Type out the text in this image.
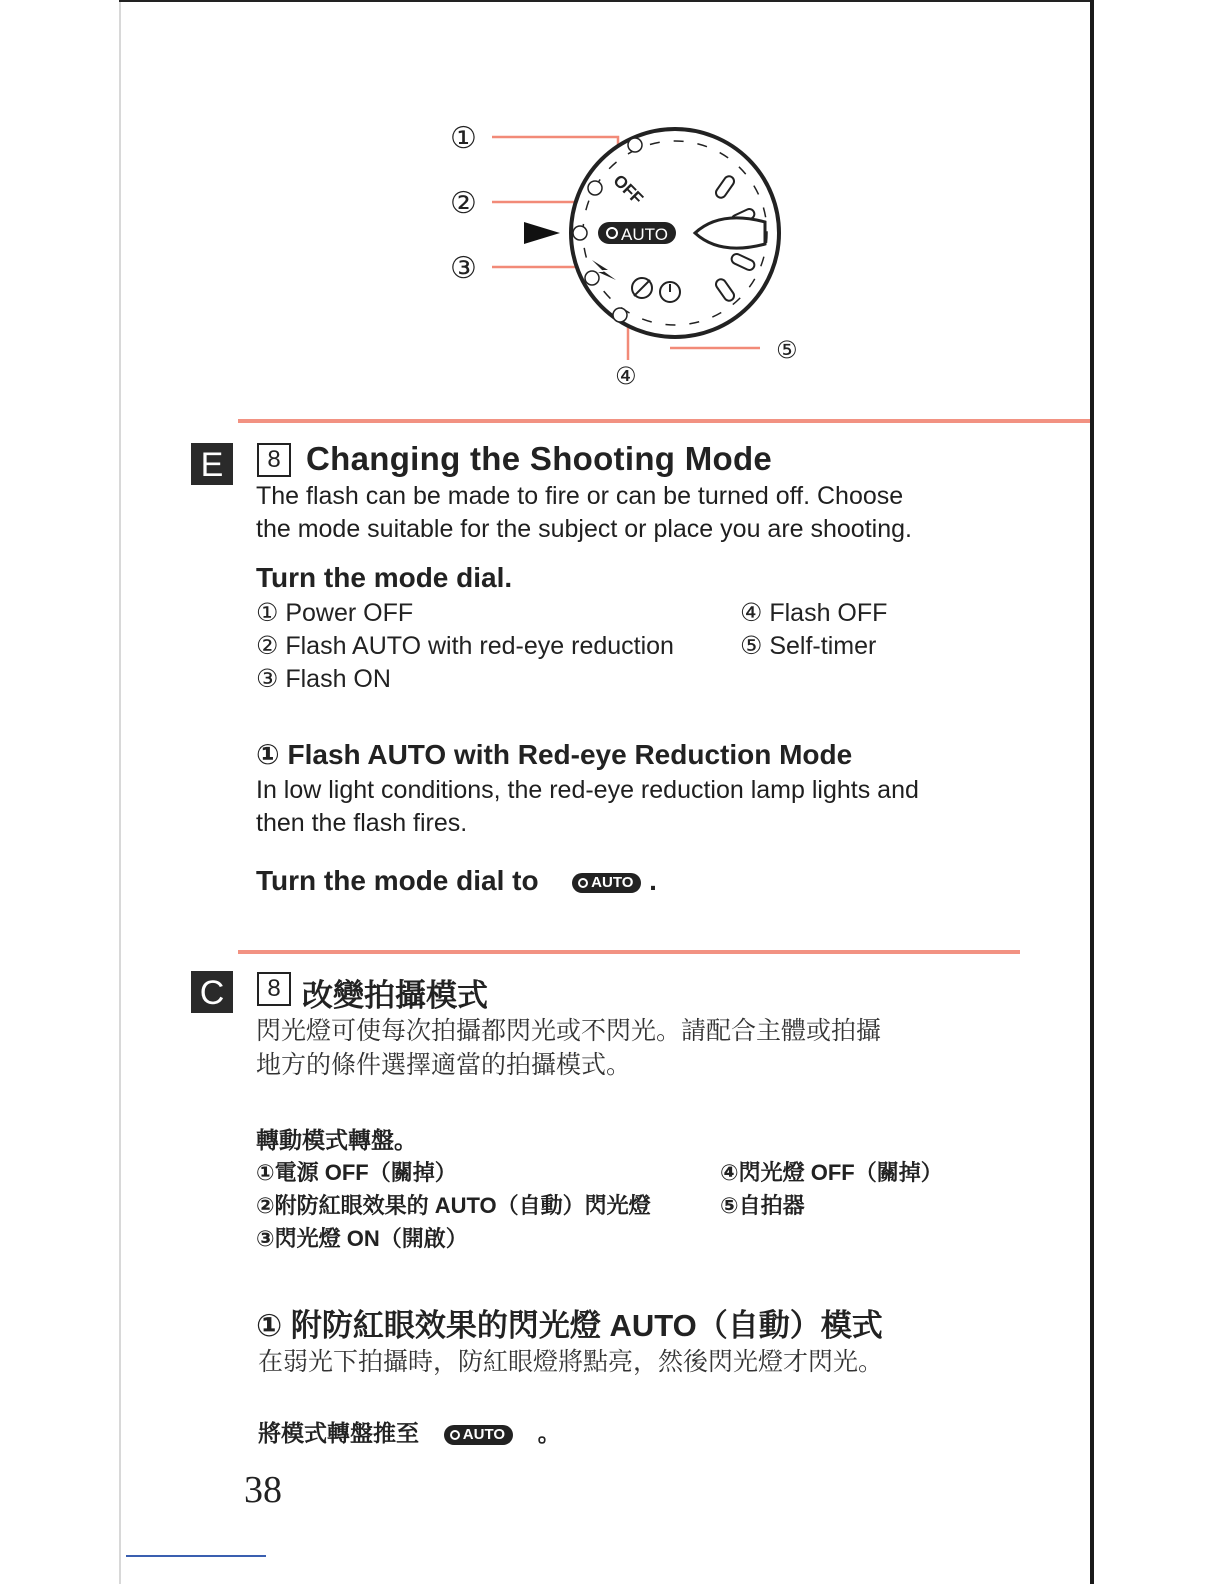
OFF
AUTO
①
②
③
④
⑤
E	8 Changing the Shooting Mode
The flash can be made to fire or can be turned off. Choose
the mode suitable for the subject or place you are shooting.
Turn the mode dial.
① Power OFF
② Flash AUTO with red-eye reduction
③ Flash ON
④ Flash OFF
⑤ Self-timer
① Flash AUTO with Red-eye Reduction Mode
In low light conditions, the red-eye reduction lamp lights and
then the flash fires.
Turn the mode dial to	AUTO .
C	8 改變拍攝模式
閃光燈可使每次拍攝都閃光或不閃光。請配合主體或拍攝
地方的條件選擇適當的拍攝模式。
轉動模式轉盤。
①電源 OFF（關掉）
②附防紅眼效果的 AUTO（自動）閃光燈
③閃光燈 ON（開啟）
④閃光燈 OFF（關掉）
⑤自拍器
① 附防紅眼效果的閃光燈 AUTO（自動）模式
在弱光下拍攝時，防紅眼燈將點亮，然後閃光燈才閃光。
將模式轉盤推至	AUTO 。
38
